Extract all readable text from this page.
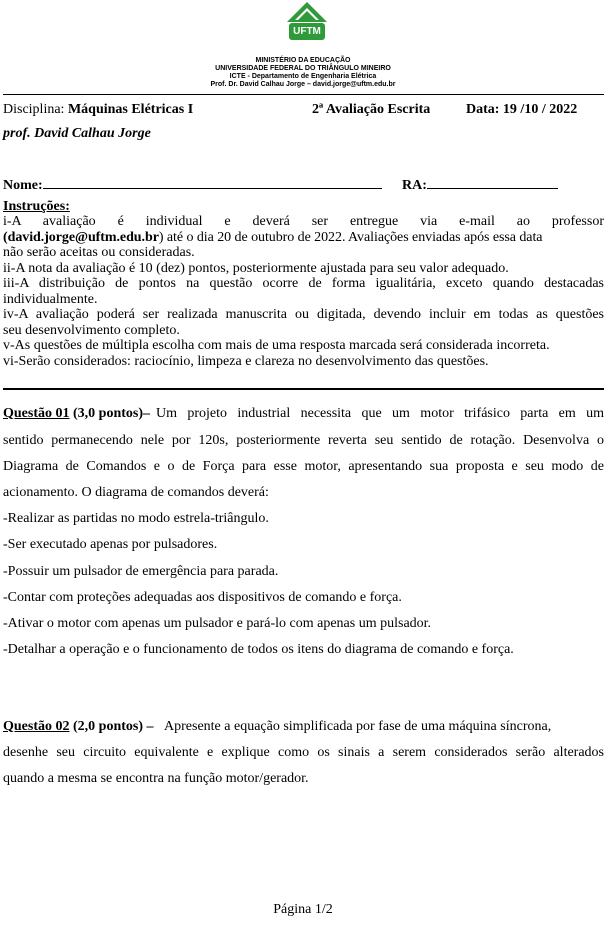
UFTM
MINISTÉRIO DA EDUCAÇÃO
UNIVERSIDADE FEDERAL DO TRIÂNGULO MINEIRO
ICTE - Departamento de Engenharia Elétrica
Prof. Dr. David Calhau Jorge – david.jorge@uftm.edu.br
Disciplina: Máquinas Elétricas I	2ª Avaliação Escrita	Data: 19 /10 / 2022
prof. David Calhau Jorge
Nome:	RA:
Instruções:
i-A avaliação é individual e deverá ser entregue via e-mail ao professor
(david.jorge@uftm.edu.br) até o dia 20 de outubro de 2022. Avaliações enviadas após essa data
não serão aceitas ou consideradas.
ii-A nota da avaliação é 10 (dez) pontos, posteriormente ajustada para seu valor adequado.
iii-A distribuição de pontos na questão ocorre de forma igualitária, exceto quando destacadas
individualmente.
iv-A avaliação poderá ser realizada manuscrita ou digitada, devendo incluir em todas as questões
seu desenvolvimento completo.
v-As questões de múltipla escolha com mais de uma resposta marcada será considerada incorreta.
vi-Serão considerados: raciocínio, limpeza e clareza no desenvolvimento das questões.
Questão 01 (3,0 pontos)– Um projeto industrial necessita que um motor trifásico parta em um
sentido permanecendo nele por 120s, posteriormente reverta seu sentido de rotação. Desenvolva o
Diagrama de Comandos e o de Força para esse motor, apresentando sua proposta e seu modo de
acionamento. O diagrama de comandos deverá:
-Realizar as partidas no modo estrela-triângulo.
-Ser executado apenas por pulsadores.
-Possuir um pulsador de emergência para parada.
-Contar com proteções adequadas aos dispositivos de comando e força.
-Ativar o motor com apenas um pulsador e pará-lo com apenas um pulsador.
-Detalhar a operação e o funcionamento de todos os itens do diagrama de comando e força.
Questão 02 (2,0 pontos) – Apresente a equação simplificada por fase de uma máquina síncrona,
desenhe seu circuito equivalente e explique como os sinais a serem considerados serão alterados
quando a mesma se encontra na função motor/gerador.
Página 1/2
